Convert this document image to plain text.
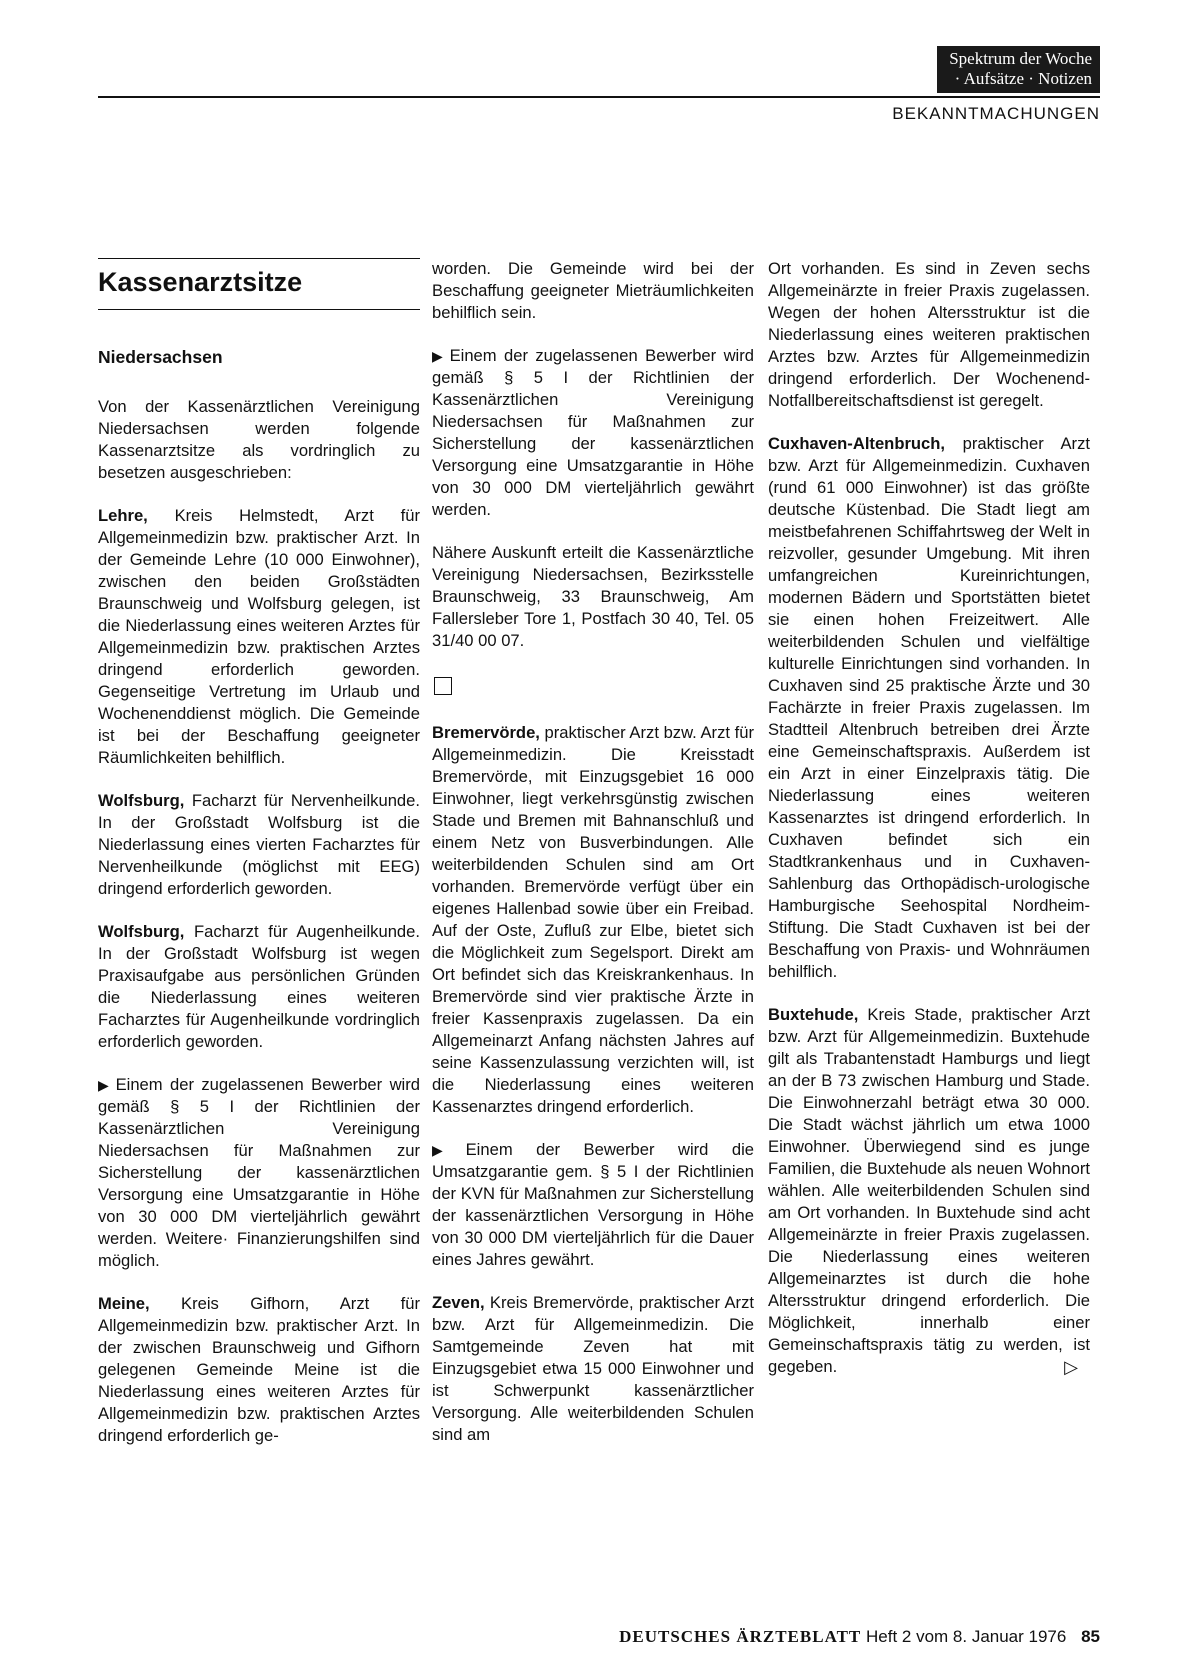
Spektrum der Woche
· Aufsätze · Notizen
BEKANNTMACHUNGEN
Kassenarztsitze
Niedersachsen

Von der Kassenärztlichen Vereinigung Niedersachsen werden folgende Kassenarztsitze als vordringlich zu besetzen ausgeschrieben:

Lehre, Kreis Helmstedt, Arzt für Allgemeinmedizin bzw. praktischer Arzt. In der Gemeinde Lehre (10 000 Einwohner), zwischen den beiden Großstädten Braunschweig und Wolfsburg gelegen, ist die Niederlassung eines weiteren Arztes für Allgemeinmedizin bzw. praktischen Arztes dringend erforderlich geworden. Gegenseitige Vertretung im Urlaub und Wochenenddienst möglich. Die Gemeinde ist bei der Beschaffung geeigneter Räumlichkeiten behilflich.

Wolfsburg, Facharzt für Nervenheilkunde. In der Großstadt Wolfsburg ist die Niederlassung eines vierten Facharztes für Nervenheilkunde (möglichst mit EEG) dringend erforderlich geworden.

Wolfsburg, Facharzt für Augenheilkunde. In der Großstadt Wolfsburg ist wegen Praxisaufgabe aus persönlichen Gründen die Niederlassung eines weiteren Facharztes für Augenheilkunde vordringlich erforderlich geworden.

▶ Einem der zugelassenen Bewerber wird gemäß § 5 I der Richtlinien der Kassenärztlichen Vereinigung Niedersachsen für Maßnahmen zur Sicherstellung der kassenärztlichen Versorgung eine Umsatzgarantie in Höhe von 30 000 DM vierteljährlich gewährt werden. Weitere· Finanzierungshilfen sind möglich.

Meine, Kreis Gifhorn, Arzt für Allgemeinmedizin bzw. praktischer Arzt. In der zwischen Braunschweig und Gifhorn gelegenen Gemeinde Meine ist die Niederlassung eines weiteren Arztes für Allgemeinmedizin bzw. praktischen Arztes dringend erforderlich ge-

worden. Die Gemeinde wird bei der Beschaffung geeigneter Mieträumlichkeiten behilflich sein.

▶ Einem der zugelassenen Bewerber wird gemäß § 5 I der Richtlinien der Kassenärztlichen Vereinigung Niedersachsen für Maßnahmen zur Sicherstellung der kassenärztlichen Versorgung eine Umsatzgarantie in Höhe von 30 000 DM vierteljährlich gewährt werden.

Nähere Auskunft erteilt die Kassenärztliche Vereinigung Niedersachsen, Bezirksstelle Braunschweig, 33 Braunschweig, Am Fallersleber Tore 1, Postfach 30 40, Tel. 05 31/40 00 07.

Bremervörde, praktischer Arzt bzw. Arzt für Allgemeinmedizin. Die Kreisstadt Bremervörde, mit Einzugsgebiet 16 000 Einwohner, liegt verkehrsgünstig zwischen Stade und Bremen mit Bahnanschluß und einem Netz von Busverbindungen. Alle weiterbildenden Schulen sind am Ort vorhanden. Bremervörde verfügt über ein eigenes Hallenbad sowie über ein Freibad. Auf der Oste, Zufluß zur Elbe, bietet sich die Möglichkeit zum Segelsport. Direkt am Ort befindet sich das Kreiskrankenhaus. In Bremervörde sind vier praktische Ärzte in freier Kassenpraxis zugelassen. Da ein Allgemeinarzt Anfang nächsten Jahres auf seine Kassenzulassung verzichten will, ist die Niederlassung eines weiteren Kassenarztes dringend erforderlich.

▶ Einem der Bewerber wird die Umsatzgarantie gem. § 5 I der Richtlinien der KVN für Maßnahmen zur Sicherstellung der kassenärztlichen Versorgung in Höhe von 30 000 DM vierteljährlich für die Dauer eines Jahres gewährt.

Zeven, Kreis Bremervörde, praktischer Arzt bzw. Arzt für Allgemeinmedizin. Die Samtgemeinde Zeven hat mit Einzugsgebiet etwa 15 000 Einwohner und ist Schwerpunkt kassenärztlicher Versorgung. Alle weiterbildenden Schulen sind am

Ort vorhanden. Es sind in Zeven sechs Allgemeinärzte in freier Praxis zugelassen. Wegen der hohen Altersstruktur ist die Niederlassung eines weiteren praktischen Arztes bzw. Arztes für Allgemeinmedizin dringend erforderlich. Der Wochenend-Notfallbereitschaftsdienst ist geregelt.

Cuxhaven-Altenbruch, praktischer Arzt bzw. Arzt für Allgemeinmedizin. Cuxhaven (rund 61 000 Einwohner) ist das größte deutsche Küstenbad. Die Stadt liegt am meistbefahrenen Schiffahrtsweg der Welt in reizvoller, gesunder Umgebung. Mit ihren umfangreichen Kureinrichtungen, modernen Bädern und Sportstätten bietet sie einen hohen Freizeitwert. Alle weiterbildenden Schulen und vielfältige kulturelle Einrichtungen sind vorhanden. In Cuxhaven sind 25 praktische Ärzte und 30 Fachärzte in freier Praxis zugelassen. Im Stadtteil Altenbruch betreiben drei Ärzte eine Gemeinschaftspraxis. Außerdem ist ein Arzt in einer Einzelpraxis tätig. Die Niederlassung eines weiteren Kassenarztes ist dringend erforderlich. In Cuxhaven befindet sich ein Stadtkrankenhaus und in Cuxhaven-Sahlenburg das Orthopädisch-urologische Hamburgische Seehospital Nordheim-Stiftung. Die Stadt Cuxhaven ist bei der Beschaffung von Praxis- und Wohnräumen behilflich.

Buxtehude, Kreis Stade, praktischer Arzt bzw. Arzt für Allgemeinmedizin. Buxtehude gilt als Trabantenstadt Hamburgs und liegt an der B 73 zwischen Hamburg und Stade. Die Einwohnerzahl beträgt etwa 30 000. Die Stadt wächst jährlich um etwa 1000 Einwohner. Überwiegend sind es junge Familien, die Buxtehude als neuen Wohnort wählen. Alle weiterbildenden Schulen sind am Ort vorhanden. In Buxtehude sind acht Allgemeinärzte in freier Praxis zugelassen. Die Niederlassung eines weiteren Allgemeinarztes ist durch die hohe Altersstruktur dringend erforderlich. Die Möglichkeit, innerhalb einer Gemeinschaftspraxis tätig zu werden, ist gegeben.	▷

DEUTSCHES ÄRZTEBLATT Heft 2 vom 8. Januar 1976 85
